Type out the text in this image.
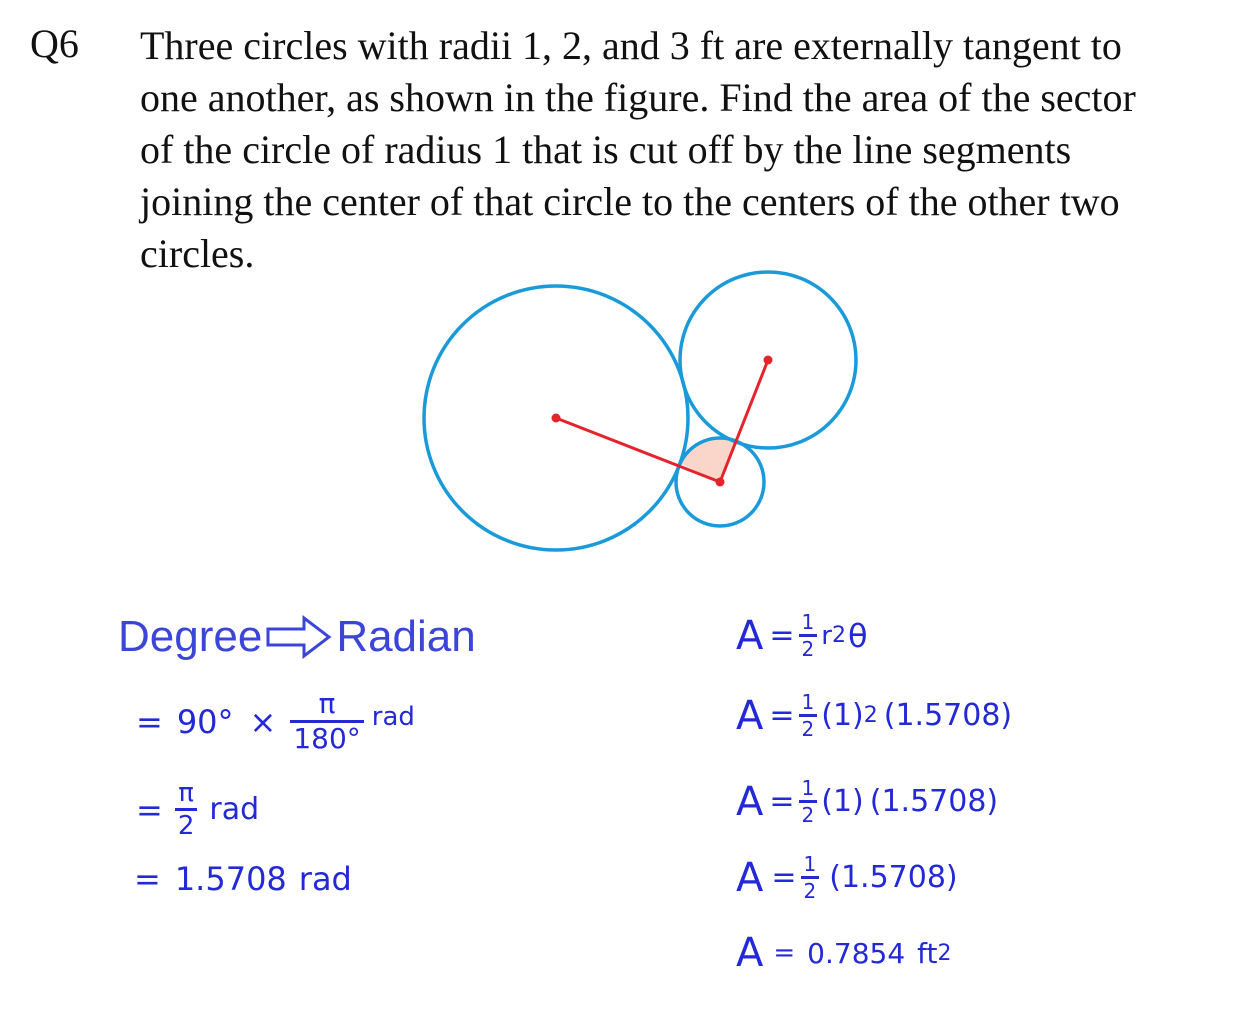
Q6 Three circles with radii 1, 2, and 3 ft are externally tangent to
one another, as shown in the figure. Find the area of the sector
of the circle of radius 1 that is cut off by the line segments
joining the center of that circle to the centers of the other two
circles.
Degree Radian
= $90^\circ \times \frac{\pi}{180^\circ}$ rad
= $\frac{\pi}{2}$ rad
= 1.5708 rad
$A = \frac{1}{2}$ r 2 θ
$A = \frac{1}{2} (1)$ 2 (1.5708)
$A = \frac{1}{2} (1)$ (1.5708)
$A = \frac{1}{2} (1.5708)$
A = 0.7854 ft 2
